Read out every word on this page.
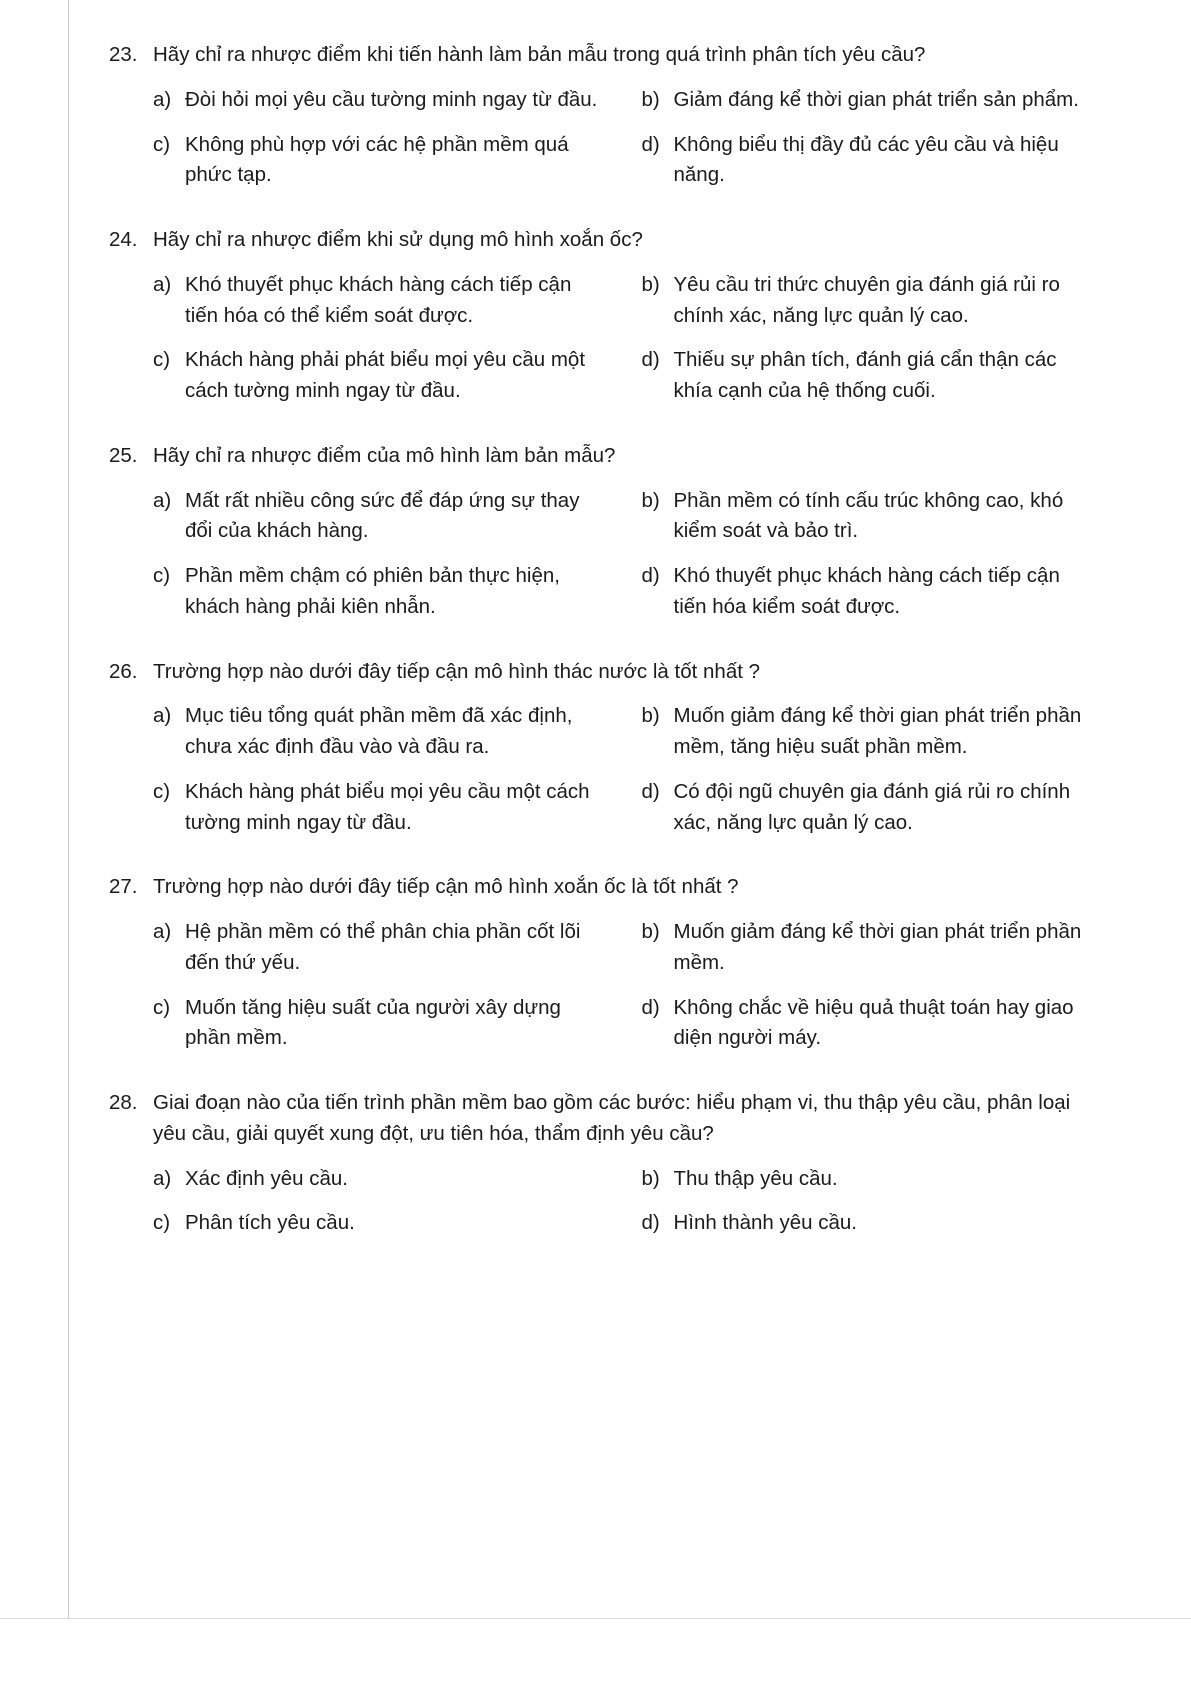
23. Hãy chỉ ra nhược điểm khi tiến hành làm bản mẫu trong quá trình phân tích yêu cầu?
a) Đòi hỏi mọi yêu cầu tường minh ngay từ đầu.	b) Giảm đáng kể thời gian phát triển sản phẩm.
c) Không phù hợp với các hệ phần mềm quá phức tạp.
d) Không biểu thị đầy đủ các yêu cầu và hiệu năng.
24. Hãy chỉ ra nhược điểm khi sử dụng mô hình xoắn ốc?
a) Khó thuyết phục khách hàng cách tiếp cận tiến hóa có thể kiểm soát được.
b) Yêu cầu tri thức chuyên gia đánh giá rủi ro chính xác, năng lực quản lý cao.
c) Khách hàng phải phát biểu mọi yêu cầu một cách tường minh ngay từ đầu.
d) Thiếu sự phân tích, đánh giá cẩn thận các khía cạnh của hệ thống cuối.
25. Hãy chỉ ra nhược điểm của mô hình làm bản mẫu?
a) Mất rất nhiều công sức để đáp ứng sự thay đổi của khách hàng.
b) Phần mềm có tính cấu trúc không cao, khó kiểm soát và bảo trì.
c) Phần mềm chậm có phiên bản thực hiện, khách hàng phải kiên nhẫn.
d) Khó thuyết phục khách hàng cách tiếp cận tiến hóa kiểm soát được.
26. Trường hợp nào dưới đây tiếp cận mô hình thác nước là tốt nhất ?
a) Mục tiêu tổng quát phần mềm đã xác định, chưa xác định đầu vào và đầu ra.
b) Muốn giảm đáng kể thời gian phát triển phần mềm, tăng hiệu suất phần mềm.
c) Khách hàng phát biểu mọi yêu cầu một cách tường minh ngay từ đầu.
d) Có đội ngũ chuyên gia đánh giá rủi ro chính xác, năng lực quản lý cao.
27. Trường hợp nào dưới đây tiếp cận mô hình xoắn ốc là tốt nhất ?
a) Hệ phần mềm có thể phân chia phần cốt lõi đến thứ yếu.
b) Muốn giảm đáng kể thời gian phát triển phần mềm.
c) Muốn tăng hiệu suất của người xây dựng phần mềm.
d) Không chắc về hiệu quả thuật toán hay giao diện người máy.
28. Giai đoạn nào của tiến trình phần mềm bao gồm các bước: hiểu phạm vi, thu thập yêu cầu, phân loại yêu cầu, giải quyết xung đột, ưu tiên hóa, thẩm định yêu cầu?
a) Xác định yêu cầu.	b) Thu thập yêu cầu.
c) Phân tích yêu cầu.	d) Hình thành yêu cầu.
